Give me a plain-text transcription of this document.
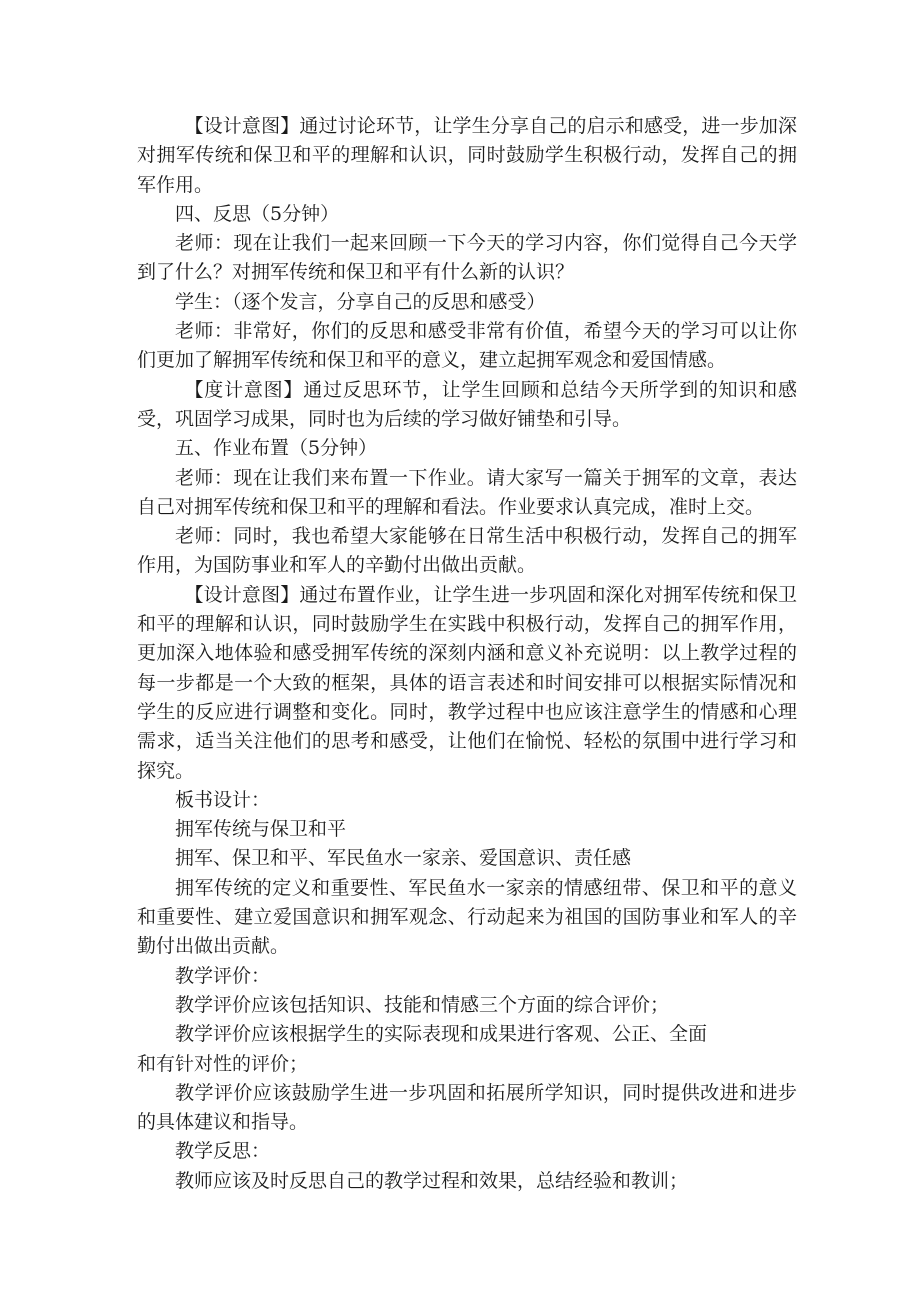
【设计意图】通过讨论环节，让学生分享自己的启示和感受，进一步加深对拥军传统和保卫和平的理解和认识，同时鼓励学生积极行动，发挥自己的拥军作用。

四、反思（5分钟）

老师：现在让我们一起来回顾一下今天的学习内容，你们觉得自己今天学到了什么？对拥军传统和保卫和平有什么新的认识？

学生：（逐个发言，分享自己的反思和感受）

老师：非常好，你们的反思和感受非常有价值，希望今天的学习可以让你们更加了解拥军传统和保卫和平的意义，建立起拥军观念和爱国情感。

【度计意图】通过反思环节，让学生回顾和总结今天所学到的知识和感受，巩固学习成果，同时也为后续的学习做好铺垫和引导。

五、作业布置（5分钟）

老师：现在让我们来布置一下作业。请大家写一篇关于拥军的文章，表达自己对拥军传统和保卫和平的理解和看法。作业要求认真完成，准时上交。

老师：同时，我也希望大家能够在日常生活中积极行动，发挥自己的拥军作用，为国防事业和军人的辛勤付出做出贡献。

【设计意图】通过布置作业，让学生进一步巩固和深化对拥军传统和保卫和平的理解和认识，同时鼓励学生在实践中积极行动，发挥自己的拥军作用，更加深入地体验和感受拥军传统的深刻内涵和意义补充说明：以上教学过程的每一步都是一个大致的框架，具体的语言表述和时间安排可以根据实际情况和学生的反应进行调整和变化。同时，教学过程中也应该注意学生的情感和心理需求，适当关注他们的思考和感受，让他们在愉悦、轻松的氛围中进行学习和探究。

板书设计：

拥军传统与保卫和平

拥军、保卫和平、军民鱼水一家亲、爱国意识、责任感

拥军传统的定义和重要性、军民鱼水一家亲的情感纽带、保卫和平的意义和重要性、建立爱国意识和拥军观念、行动起来为祖国的国防事业和军人的辛勤付出做出贡献。

教学评价：

教学评价应该包括知识、技能和情感三个方面的综合评价；

教学评价应该根据学生的实际表现和成果进行客观、公正、全面

和有针对性的评价；

教学评价应该鼓励学生进一步巩固和拓展所学知识，同时提供改进和进步的具体建议和指导。

教学反思：

教师应该及时反思自己的教学过程和效果，总结经验和教训；
